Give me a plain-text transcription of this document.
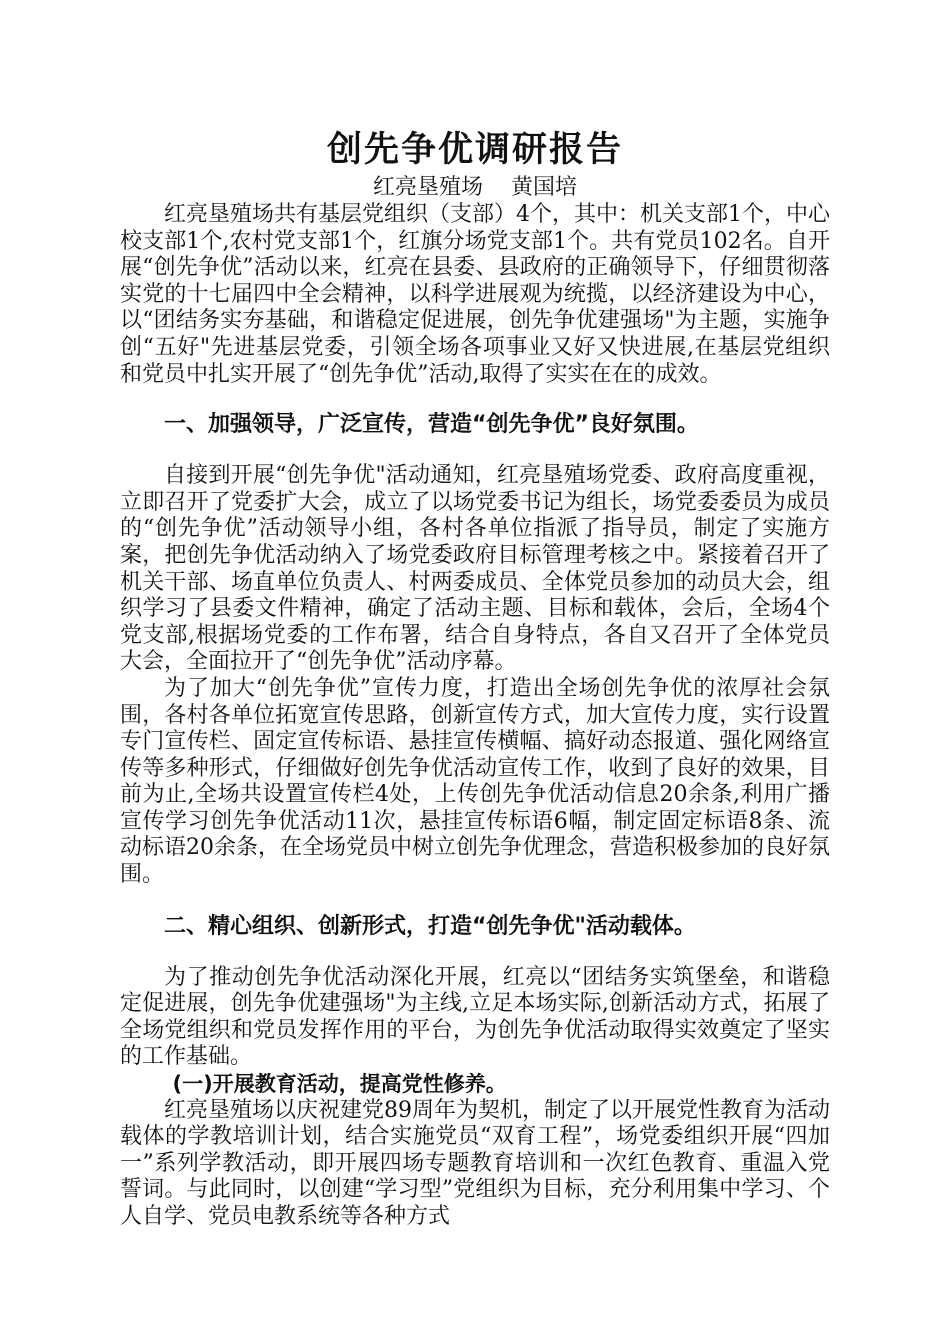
创先争优调研报告

红亮垦殖场    黄国培

红亮垦殖场共有基层党组织（支部）4个，其中：机关支部1个，中心校支部1个,农村党支部1个，红旗分场党支部1个。共有党员102名。自开展“创先争优”活动以来，红亮在县委、县政府的正确领导下，仔细贯彻落实党的十七届四中全会精神，以科学进展观为统揽，以经济建设为中心，以“团结务实夯基础，和谐稳定促进展，创先争优建强场"为主题，实施争创“五好"先进基层党委，引领全场各项事业又好又快进展,在基层党组织和党员中扎实开展了“创先争优”活动,取得了实实在在的成效。

一、加强领导，广泛宣传，营造“创先争优”良好氛围。

自接到开展“创先争优"活动通知，红亮垦殖场党委、政府高度重视，立即召开了党委扩大会，成立了以场党委书记为组长，场党委委员为成员的“创先争优”活动领导小组，各村各单位指派了指导员，制定了实施方案，把创先争优活动纳入了场党委政府目标管理考核之中。紧接着召开了机关干部、场直单位负责人、村两委成员、全体党员参加的动员大会，组织学习了县委文件精神，确定了活动主题、目标和载体，会后，全场4个党支部,根据场党委的工作布署，结合自身特点，各自又召开了全体党员大会，全面拉开了“创先争优”活动序幕。

为了加大“创先争优”宣传力度，打造出全场创先争优的浓厚社会氛围，各村各单位拓宽宣传思路，创新宣传方式，加大宣传力度，实行设置专门宣传栏、固定宣传标语、悬挂宣传横幅、搞好动态报道、强化网络宣传等多种形式，仔细做好创先争优活动宣传工作，收到了良好的效果，目前为止,全场共设置宣传栏4处，上传创先争优活动信息20余条,利用广播宣传学习创先争优活动11次，悬挂宣传标语6幅，制定固定标语8条、流动标语20余条，在全场党员中树立创先争优理念，营造积极参加的良好氛围。

二、精心组织、创新形式，打造“创先争优"活动载体。

为了推动创先争优活动深化开展，红亮以“团结务实筑堡垒，和谐稳定促进展，创先争优建强场"为主线,立足本场实际,创新活动方式，拓展了全场党组织和党员发挥作用的平台，为创先争优活动取得实效奠定了坚实的工作基础。

(一)开展教育活动，提高党性修养。

红亮垦殖场以庆祝建党89周年为契机，制定了以开展党性教育为活动载体的学教培训计划，结合实施党员“双育工程”，场党委组织开展“四加一”系列学教活动，即开展四场专题教育培训和一次红色教育、重温入党誓词。与此同时，以创建“学习型”党组织为目标，充分利用集中学习、个人自学、党员电教系统等各种方式
